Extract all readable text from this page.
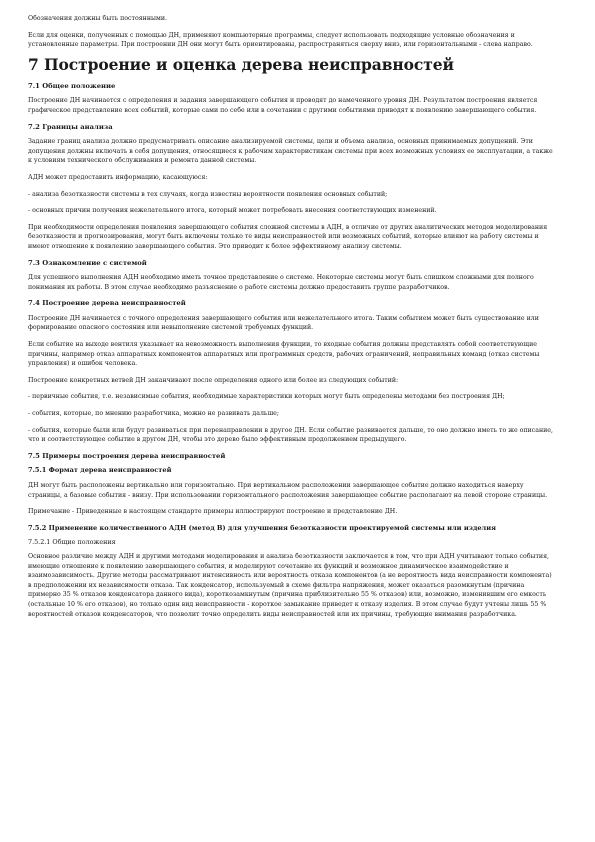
Обозначения должны быть постоянными.

Если для оценки, полученных с помощью ДН, применяют компьютерные программы, следует использовать подходящие условные обозначения и установленные параметры. При построении ДН они могут быть ориентированы, распространяться сверху вниз, или горизонтальными - слева направо.

7 Построение и оценка дерева неисправностей
7.1 Общее положение

Построение ДН начинается с определения и задания завершающего события и проводят до намеченного уровня ДН. Результатом построения является графическое представление всех событий, которые сами по себе или в сочетании с другими событиями приводят к появлению завершающего события.

7.2 Границы анализа

Задание границ анализа должно предусматривать описание анализируемой системы, цели и объема анализа, основных принимаемых допущений. Эти допущения должны включать в себя допущения, относящиеся к рабочим характеристикам системы при всех возможных условиях ее эксплуатации, а также к условиям технического обслуживания и ремонта данной системы.

АДН может предоставить информацию, касающуюся:

- анализа безотказности системы в тех случаях, когда известны вероятности появления основных событий;

- основных причин получения нежелательного итога, который может потребовать внесения соответствующих изменений.

При необходимости определения появления завершающего события сложной системы в АДН, в отличие от других аналитических методов моделирования безотказности и прогнозирования, могут быть включены только те виды неисправностей или возможных событий, которые влияют на работу системы и имеют отношение к появлению завершающего события. Это приводит к более эффективному анализу системы.

7.3 Ознакомление с системой

Для успешного выполнения АДН необходимо иметь точное представление о системе. Некоторые системы могут быть слишком сложными для полного понимания их работы. В этом случае необходимо разъяснение о работе системы должно предоставить группе разработчиков.

7.4 Построение дерева неисправностей

Построение ДН начинается с точного определения завершающего события или нежелательного итога. Таким событием может быть существование или формирование опасного состояния или невыполнение системой требуемых функций.

Если событие на выходе вентиля указывает на невозможность выполнения функции, то входные события должны представлять собой соответствующие причины, например отказ аппаратных компонентов аппаратных или программных средств, рабочих ограничений, неправильных команд (отказ системы управления) и ошибок человека.

Построение конкретных ветвей ДН заканчивают после определения одного или более из следующих событий:

- первичные события, т.е. независимые события, необходимые характеристики которых могут быть определены методами без построения ДН;

- события, которые, по мнению разработчика, можно не развивать дальше;

- события, которые были или будут развиваться при перенаправлении в другое ДН. Если событие развивается дальше, то оно должно иметь то же описание, что и соответствующее событие в другом ДН, чтобы это дерево было эффективным продолжением предыдущего.

7.5 Примеры построения дерева неисправностей
7.5.1 Формат дерева неисправностей

ДН могут быть расположены вертикально или горизонтально. При вертикальном расположении завершающее событие должно находиться наверху страницы, а базовые события - внизу. При использовании горизонтального расположения завершающее событие располагают на левой стороне страницы.

Примечание - Приведенные в настоящем стандарте примеры иллюстрируют построение и представление ДН.

7.5.2 Применение количественного АДН (метод В) для улучшения безотказности проектируемой системы или изделия
7.5.2.1 Общие положения

Основное различие между АДН и другими методами моделирования и анализа безотказности заключается в том, что при АДН учитывают только события, имеющие отношение к появлению завершающего события, и моделируют сочетание их функций и возможное динамическое взаимодействие и взаимозависимость. Другие методы рассматривают интенсивность или вероятность отказа компонентов (а не вероятность вида неисправности компонента) в предположении их независимости отказа. Так конденсатор, используемый в схеме фильтра напряжения, может оказаться разомкнутым (причина примерно 35 % отказов конденсатора данного вида), короткозамкнутым (причина приблизительно 55 % отказов) или, возможно, изменившим его емкость (остальные 10 % его отказов), но только один вид неисправности - короткое замыкание приведет к отказу изделия. В этом случае будут учтены лишь 55 % вероятностей отказов конденсаторов, что позволит точно определить виды неисправностей или их причины, требующие внимания разработчика.
